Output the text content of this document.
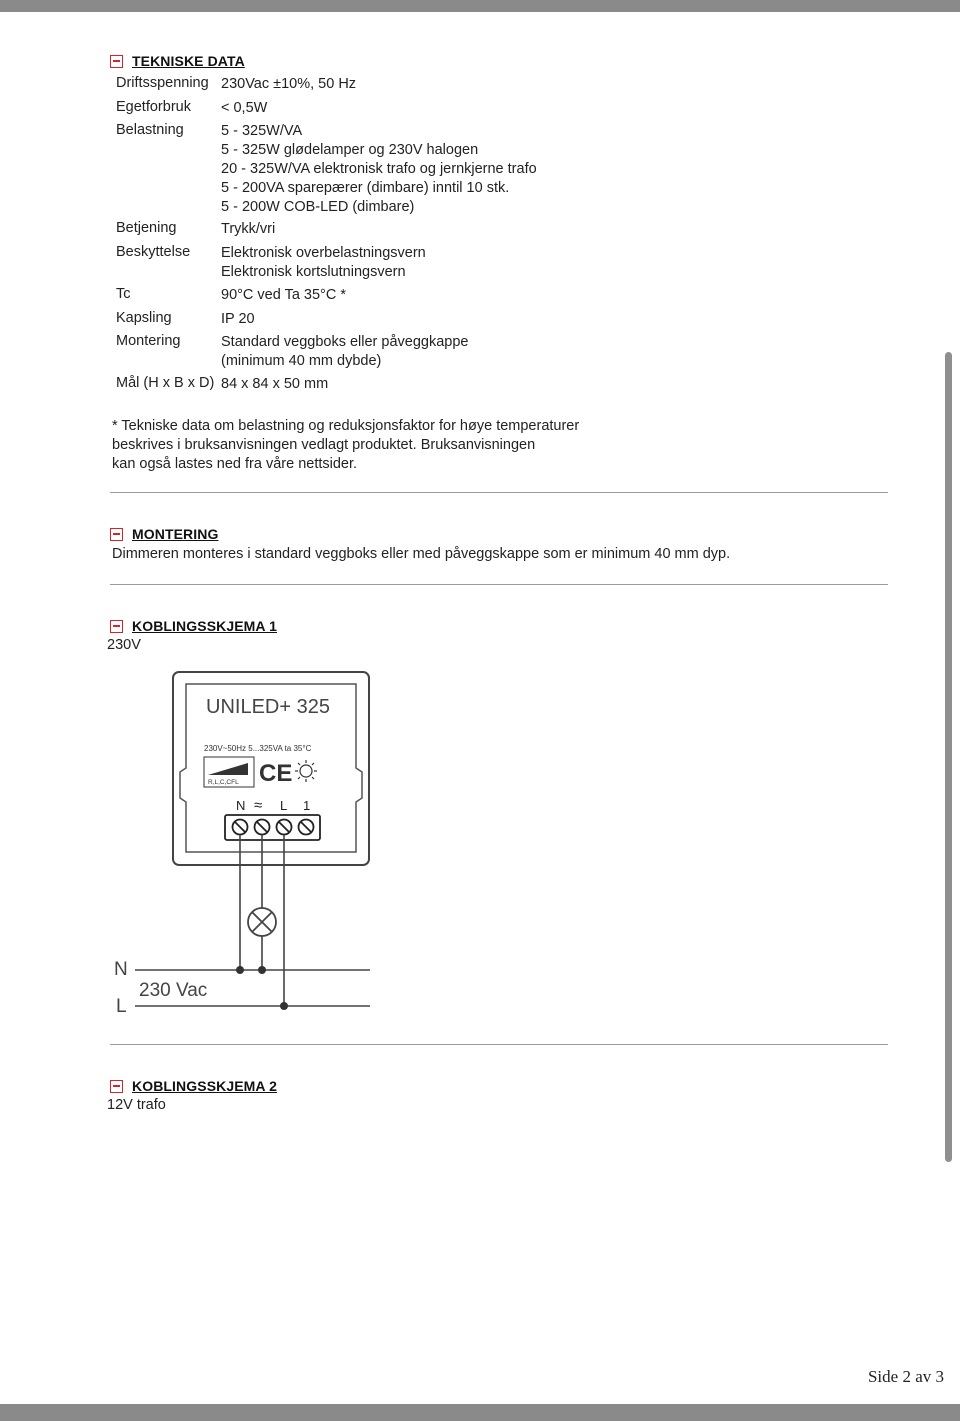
TEKNISKE DATA
Driftsspenning 230Vac ±10%, 50 Hz
Egetforbruk < 0,5W
Belastning	5 - 325W/VA
5 - 325W glødelamper og 230V halogen
20 - 325W/VA elektronisk trafo og jernkjerne trafo
5 - 200VA sparepærer (dimbare) inntil 10 stk.
5 - 200W COB-LED (dimbare)
Betjening	Trykk/vri
Beskyttelse Elektronisk overbelastningsvern
Elektronisk kortslutningsvern
Tc	90°C ved Ta 35°C *
Kapsling	IP 20
Montering	Standard veggboks eller påveggkappe
(minimum 40 mm dybde)
Mål (H x B x D) 84 x 84 x 50 mm
* Tekniske data om belastning og reduksjonsfaktor for høye temperaturer
beskrives i bruksanvisningen vedlagt produktet. Bruksanvisningen
kan også lastes ned fra våre nettsider.
MONTERING
Dimmeren monteres i standard veggboks eller med påveggskappe som er minimum 40 mm dyp.
KOBLINGSSKJEMA 1
230V
UNILED+ 325
230V~50Hz 5...325VA ta 35°C
R,L,C,CFL CE
N ≈ L 1
N
L
230 Vac
KOBLINGSSKJEMA 2
12V trafo
Side 2 av 3
